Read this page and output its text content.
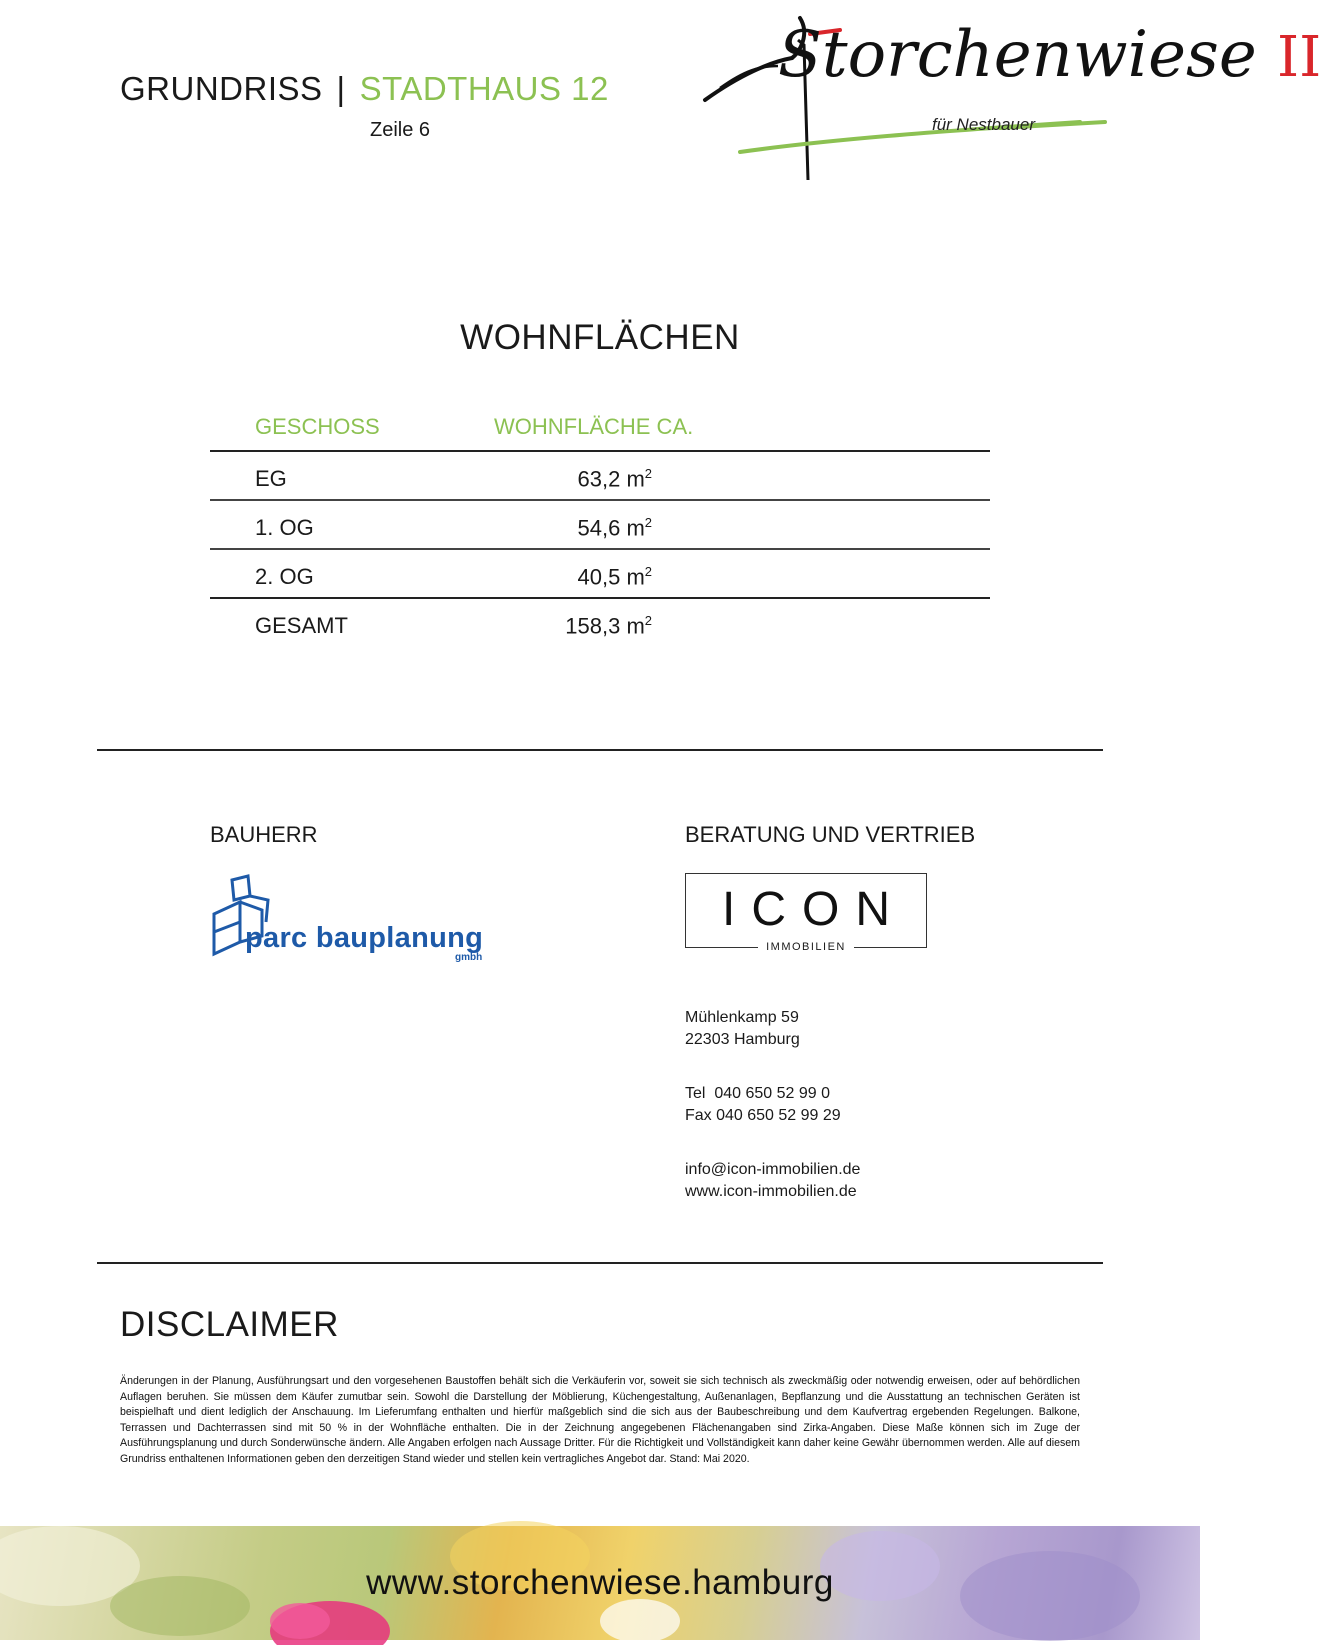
GRUNDRISS | STADTHAUS 12
Zeile 6
Storchenwiese II
für Nestbauer
WOHNFLÄCHEN
GESCHOSS	WOHNFLÄCHE CA.
EG	63,2 $m^2$
1. OG	54,6 $m^2$
2. OG	40,5 $m^2$
GESAMT	158,3 $m^2$
BAUHERR
parc bauplanung
gmbh
BERATUNG UND VERTRIEB
ICON
IMMOBILIEN
Mühlenkamp 59
22303 Hamburg
Tel  040 650 52 99 0
Fax 040 650 52 99 29
info@icon-immobilien.de
www.icon-immobilien.de
DISCLAIMER
Änderungen in der Planung, Ausführungsart und den vorgesehenen Baustoffen behält sich die Verkäuferin vor, soweit sie sich technisch als zweckmäßig oder notwendig erweisen, oder auf behördlichen Auflagen beruhen. Sie müssen dem Käufer zumutbar sein. Sowohl die Darstellung der Möblierung, Küchengestaltung, Außenanlagen, Bepflanzung und die Ausstattung an technischen Geräten ist beispielhaft und dient lediglich der Anschauung. Im Lieferumfang enthalten und hierfür maßgeblich sind die sich aus der Baubeschreibung und dem Kaufvertrag ergebenden Regelungen. Balkone, Terrassen und Dachterrassen sind mit 50 % in der Wohnfläche enthalten. Die in der Zeichnung angegebenen Flächenangaben sind Zirka-Angaben. Diese Maße können sich im Zuge der Ausführungsplanung und durch Sonderwünsche ändern. Alle Angaben erfolgen nach Aussage Dritter. Für die Richtigkeit und Vollständigkeit kann daher keine Gewähr übernommen werden. Alle auf diesem Grundriss enthaltenen Informationen geben den derzeitigen Stand wieder und stellen kein vertragliches Angebot dar. Stand: Mai 2020.
www.storchenwiese.hamburg
